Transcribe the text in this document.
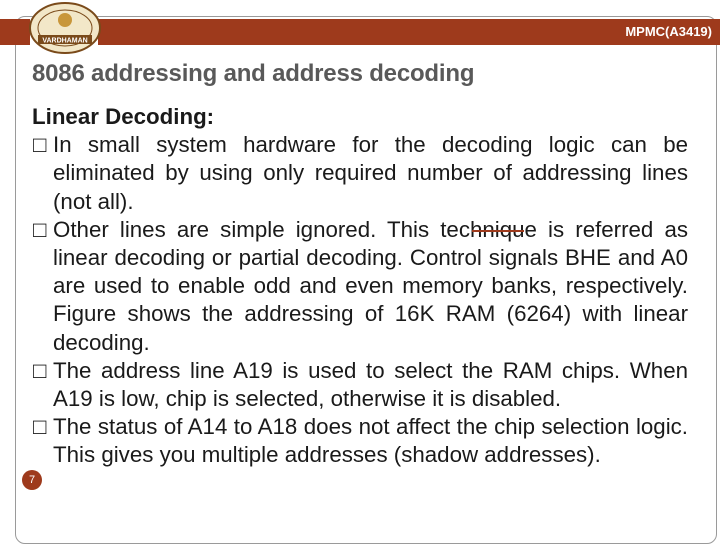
MPMC(A3419)
VARDHAMAN
8086 addressing and address decoding

Linear Decoding:

□ In small system hardware for the decoding logic can be eliminated by using only required number of addressing lines (not all).

□ Other lines are simple ignored. This technique is referred as linear decoding or partial decoding. Control signals BHE and A0 are used to enable odd and even memory banks, respectively. Figure shows the addressing of 16K RAM (6264) with linear decoding.

□ The address line A19 is used to select the RAM chips. When A19 is low, chip is selected, otherwise it is disabled.

□ The status of A14 to A18 does not affect the chip selection logic. This gives you multiple addresses (shadow addresses).

7
